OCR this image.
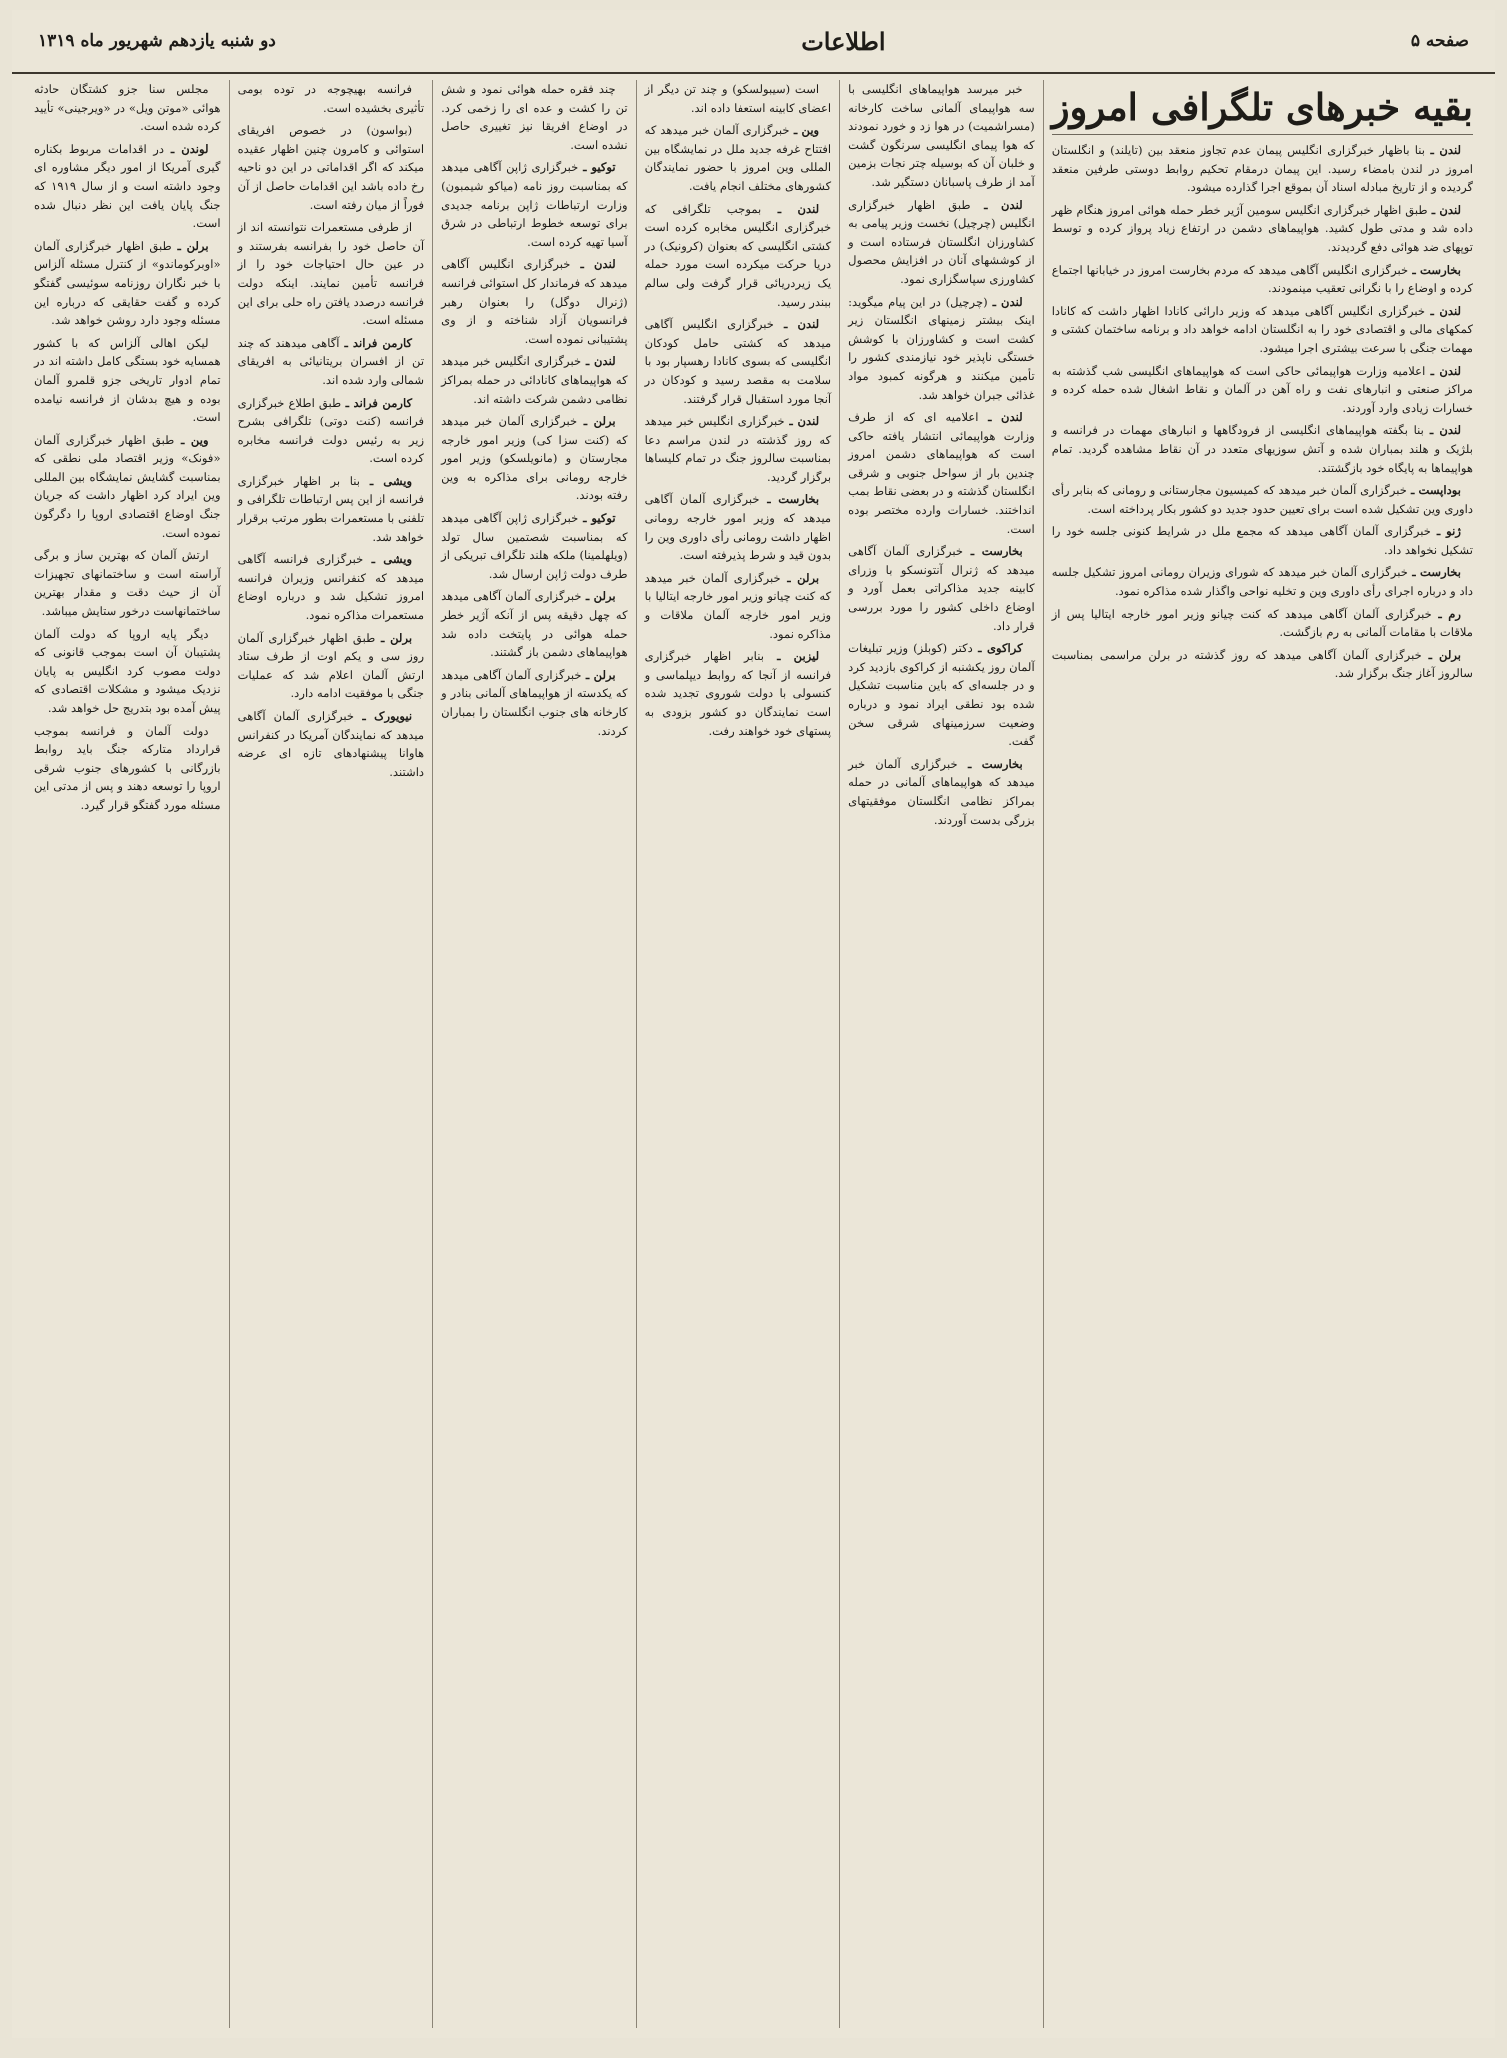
صفحه ۵
اطلاعات
دو شنبه یازدهم شهریور ماه ۱۳۱۹
بقیه خبرهای تلگرافی امروز

لندن ـ بنا باظهار خبرگزاری انگلیس پیمان عدم تجاوز منعقد بین (تایلند) و انگلستان امروز در لندن بامضاء رسید. این پیمان درمقام تحکیم روابط دوستی طرفین منعقد گردیده و از تاریخ مبادله اسناد آن بموقع اجرا گذارده میشود.

لندن ـ طبق اظهار خبرگزاری انگلیس سومین آژیر خطر حمله هوائی امروز هنگام ظهر داده شد و مدتی طول کشید. هواپیماهای دشمن در ارتفاع زیاد پرواز کرده و توسط توپهای ضد هوائی دفع گردیدند.

بخارست ـ خبرگزاری انگلیس آگاهی میدهد که مردم بخارست امروز در خیابانها اجتماع کرده و اوضاع را با نگرانی تعقیب مینمودند.

لندن ـ خبرگزاری انگلیس آگاهی میدهد که وزیر دارائی کانادا اظهار داشت که کانادا کمکهای مالی و اقتصادی خود را به انگلستان ادامه خواهد داد و برنامه ساختمان کشتی و مهمات جنگی با سرعت بیشتری اجرا میشود.

لندن ـ اعلامیه وزارت هواپیمائی حاکی است که هواپیماهای انگلیسی شب گذشته به مراکز صنعتی و انبارهای نفت و راه آهن در آلمان و نقاط اشغال شده حمله کرده و خسارات زیادی وارد آوردند.

لندن ـ بنا بگفته هواپیماهای انگلیسی از فرودگاهها و انبارهای مهمات در فرانسه و بلژیک و هلند بمباران شده و آتش سوزیهای متعدد در آن نقاط مشاهده گردید. تمام هواپیماها به پایگاه خود بازگشتند.

بوداپست ـ خبرگزاری آلمان خبر میدهد که کمیسیون مجارستانی و رومانی که بنابر رأی داوری وین تشکیل شده است برای تعیین حدود جدید دو کشور بکار پرداخته است.

ژنو ـ خبرگزاری آلمان آگاهی میدهد که مجمع ملل در شرایط کنونی جلسه خود را تشکیل نخواهد داد.

بخارست ـ خبرگزاری آلمان خبر میدهد که شورای وزیران رومانی امروز تشکیل جلسه داد و درباره اجرای رأی داوری وین و تخلیه نواحی واگذار شده مذاکره نمود.

رم ـ خبرگزاری آلمان آگاهی میدهد که کنت چیانو وزیر امور خارجه ایتالیا پس از ملاقات با مقامات آلمانی به رم بازگشت.

برلن ـ خبرگزاری آلمان آگاهی میدهد که روز گذشته در برلن مراسمی بمناسبت سالروز آغاز جنگ برگزار شد.

خبر میرسد هواپیماهای انگلیسی با سه هواپیمای آلمانی ساخت کارخانه (مسراشمیت) در هوا زد و خورد نمودند که هوا پیمای انگلیسی سرنگون گشت و خلبان آن که بوسیله چتر نجات بزمین آمد از طرف پاسبانان دستگیر شد.

لندن ـ طبق اظهار خبرگزاری انگلیس (چرچیل) نخست وزیر پیامی به کشاورزان انگلستان فرستاده است و از کوششهای آنان در افزایش محصول کشاورزی سپاسگزاری نمود.

لندن ـ (چرچیل) در این پیام میگوید: اینک بیشتر زمینهای انگلستان زیر کشت است و کشاورزان با کوشش خستگی ناپذیر خود نیازمندی کشور را تأمین میکنند و هرگونه کمبود مواد غذائی جبران خواهد شد.

لندن ـ اعلامیه ای که از طرف وزارت هواپیمائی انتشار یافته حاکی است که هواپیماهای دشمن امروز چندین بار از سواحل جنوبی و شرقی انگلستان گذشته و در بعضی نقاط بمب انداختند. خسارات وارده مختصر بوده است.

بخارست ـ خبرگزاری آلمان آگاهی میدهد که ژنرال آنتونسکو با وزرای کابینه جدید مذاکراتی بعمل آورد و اوضاع داخلی کشور را مورد بررسی قرار داد.

کراکوی ـ دکتر (کوبلز) وزیر تبلیغات آلمان روز یکشنبه از کراکوی بازدید کرد و در جلسه‌ای که باین مناسبت تشکیل شده بود نطقی ایراد نمود و درباره وضعیت سرزمینهای شرقی سخن گفت.

بخارست ـ خبرگزاری آلمان خبر میدهد که هواپیماهای آلمانی در حمله بمراکز نظامی انگلستان موفقیتهای بزرگی بدست آوردند.

است (سیبولسکو) و چند تن دیگر از اعضای کابینه استعفا داده اند.

وین ـ خبرگزاری آلمان خبر میدهد که افتتاح غرفه جدید ملل در نمایشگاه بین المللی وین امروز با حضور نمایندگان کشورهای مختلف انجام یافت.

لندن ـ بموجب تلگرافی که خبرگزاری انگلیس مخابره کرده است کشتی انگلیسی که بعنوان (کرونیک) در دریا حرکت میکرده است مورد حمله یک زیردریائی قرار گرفت ولی سالم ببندر رسید.

لندن ـ خبرگزاری انگلیس آگاهی میدهد که کشتی حامل کودکان انگلیسی که بسوی کانادا رهسپار بود با سلامت به مقصد رسید و کودکان در آنجا مورد استقبال قرار گرفتند.

لندن ـ خبرگزاری انگلیس خبر میدهد که روز گذشته در لندن مراسم دعا بمناسبت سالروز جنگ در تمام کلیساها برگزار گردید.

بخارست ـ خبرگزاری آلمان آگاهی میدهد که وزیر امور خارجه رومانی اظهار داشت رومانی رأی داوری وین را بدون قید و شرط پذیرفته است.

برلن ـ خبرگزاری آلمان خبر میدهد که کنت چیانو وزیر امور خارجه ایتالیا با وزیر امور خارجه آلمان ملاقات و مذاکره نمود.

لیزبن ـ بنابر اظهار خبرگزاری فرانسه از آنجا که روابط دیپلماسی و کنسولی با دولت شوروی تجدید شده است نمایندگان دو کشور بزودی به پستهای خود خواهند رفت.

چند فقره حمله هوائی نمود و شش تن را کشت و عده ای را زخمی کرد. در اوضاع افریقا نیز تغییری حاصل نشده است.

توکیو ـ خبرگزاری ژاپن آگاهی میدهد که بمناسبت روز نامه (میاکو شیمبون) وزارت ارتباطات ژاپن برنامه جدیدی برای توسعه خطوط ارتباطی در شرق آسیا تهیه کرده است.

لندن ـ خبرگزاری انگلیس آگاهی میدهد که فرماندار کل استوائی فرانسه (ژنرال دوگل) را بعنوان رهبر فرانسویان آزاد شناخته و از وی پشتیبانی نموده است.

لندن ـ خبرگزاری انگلیس خبر میدهد که هواپیماهای کانادائی در حمله بمراکز نظامی دشمن شرکت داشته اند.

برلن ـ خبرگزاری آلمان خبر میدهد که (کنت سزا کی) وزیر امور خارجه مجارستان و (مانویلسکو) وزیر امور خارجه رومانی برای مذاکره به وین رفته بودند.

توکیو ـ خبرگزاری ژاپن آگاهی میدهد که بمناسبت شصتمین سال تولد (ویلهلمینا) ملکه هلند تلگراف تبریکی از طرف دولت ژاپن ارسال شد.

برلن ـ خبرگزاری آلمان آگاهی میدهد که چهل دقیقه پس از آنکه آژیر خطر حمله هوائی در پایتخت داده شد هواپیماهای دشمن باز گشتند.

برلن ـ خبرگزاری آلمان آگاهی میدهد که یکدسته از هواپیماهای آلمانی بنادر و کارخانه های جنوب انگلستان را بمباران کردند.

فرانسه بهیچوجه در توده بومی تأثیری بخشیده است.

(بواسون) در خصوص افریقای استوائی و کامرون چنین اظهار عقیده میکند که اگر اقداماتی در این دو ناحیه رخ داده باشد این اقدامات حاصل از آن فوراً از میان رفته است.

از طرفی مستعمرات نتوانسته اند از آن حاصل خود را بفرانسه بفرستند و در عین حال احتیاجات خود را از فرانسه تأمین نمایند. اینکه دولت فرانسه درصدد یافتن راه حلی برای این مسئله است.

کارمن فراند ـ آگاهی میدهند که چند تن از افسران بریتانیائی به افریقای شمالی وارد شده اند.

کارمن فراند ـ طبق اطلاع خبرگزاری فرانسه (کنت دوتی) تلگرافی بشرح زیر به رئیس دولت فرانسه مخابره کرده است.

ویشی ـ بنا بر اظهار خبرگزاری فرانسه از این پس ارتباطات تلگرافی و تلفنی با مستعمرات بطور مرتب برقرار خواهد شد.

ویشی ـ خبرگزاری فرانسه آگاهی میدهد که کنفرانس وزیران فرانسه امروز تشکیل شد و درباره اوضاع مستعمرات مذاکره نمود.

برلن ـ طبق اظهار خبرگزاری آلمان روز سی و یکم اوت از طرف ستاد ارتش آلمان اعلام شد که عملیات جنگی با موفقیت ادامه دارد.

نیویورک ـ خبرگزاری آلمان آگاهی میدهد که نمایندگان آمریکا در کنفرانس هاوانا پیشنهادهای تازه ای عرضه داشتند.

مجلس سنا جزو کشتگان حادثه هوائی «موتن ویل» در «ویرجینی» تأیید کرده شده است.

لوندن ـ در اقدامات مربوط بکناره گیری آمریکا از امور دیگر مشاوره ای وجود داشته است و از سال ۱۹۱۹ که جنگ پایان یافت این نظر دنبال شده است.

برلن ـ طبق اظهار خبرگزاری آلمان «اوبرکوماندو» از کنترل مسئله آلزاس با خبر نگاران روزنامه سوئیسی گفتگو کرده و گفت حقایقی که درباره این مسئله وجود دارد روشن خواهد شد.

لیکن اهالی آلزاس که با کشور همسایه خود بستگی کامل داشته اند در تمام ادوار تاریخی جزو قلمرو آلمان بوده و هیچ بدشان از فرانسه نیامده است.

وین ـ طبق اظهار خبرگزاری آلمان «فونک» وزیر اقتصاد ملی نطقی که بمناسبت گشایش نمایشگاه بین المللی وین ایراد کرد اظهار داشت که جریان جنگ اوضاع اقتصادی اروپا را دگرگون نموده است.

ارتش آلمان که بهترین ساز و برگی آراسته است و ساختمانهای تجهیزات آن از حیث دقت و مقدار بهترین ساختمانهاست درخور ستایش میباشد.

دیگر پایه اروپا که دولت آلمان پشتیبان آن است بموجب قانونی که دولت مصوب کرد انگلیس به پایان نزدیک میشود و مشکلات اقتصادی که پیش آمده بود بتدریج حل خواهد شد.

دولت آلمان و فرانسه بموجب قرارداد متارکه جنگ باید روابط بازرگانی با کشورهای جنوب شرقی اروپا را توسعه دهند و پس از مدتی این مسئله مورد گفتگو قرار گیرد.
